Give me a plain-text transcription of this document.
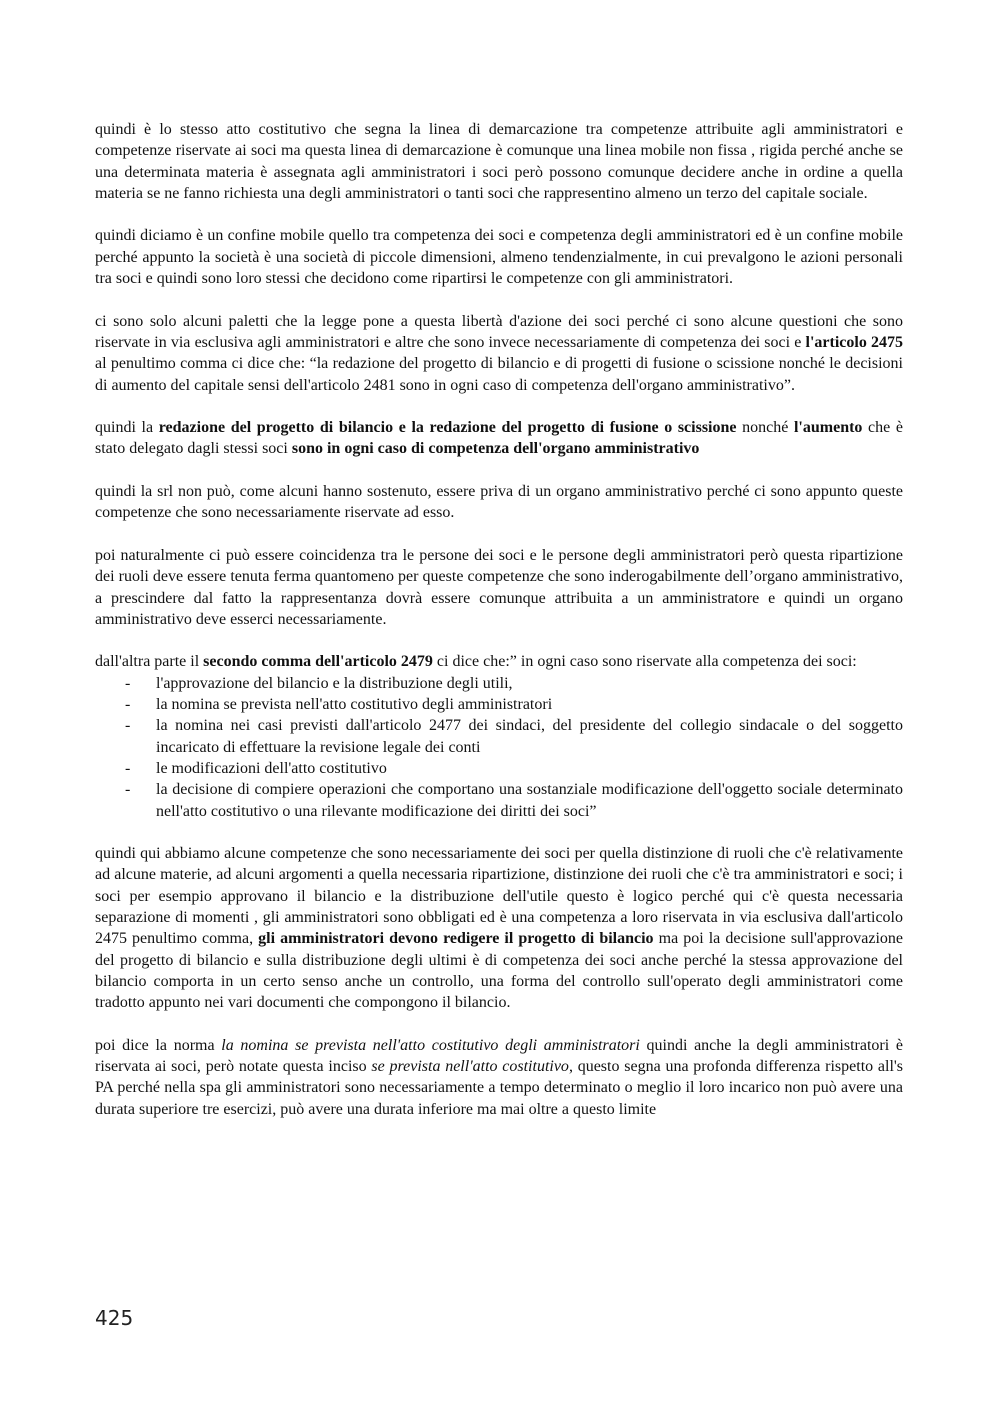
quindi è lo stesso atto costitutivo che segna la linea di demarcazione tra competenze attribuite agli amministratori e competenze riservate ai soci ma questa linea di demarcazione è comunque una linea mobile non fissa , rigida perché anche se una determinata materia è assegnata agli amministratori i soci però possono comunque decidere anche in ordine a quella materia se ne fanno richiesta una degli amministratori o tanti soci che rappresentino almeno un terzo del capitale sociale.

quindi diciamo è un confine mobile quello tra competenza dei soci e competenza degli amministratori ed è un confine mobile perché appunto la società è una società di piccole dimensioni, almeno tendenzialmente, in cui prevalgono le azioni personali tra soci e quindi sono loro stessi che decidono come ripartirsi le competenze con gli amministratori.

ci sono solo alcuni paletti che la legge pone a questa libertà d'azione dei soci perché ci sono alcune questioni che sono riservate in via esclusiva agli amministratori e altre che sono invece necessariamente di competenza dei soci e l'articolo 2475 al penultimo comma ci dice che: “la redazione del progetto di bilancio e di progetti di fusione o scissione nonché le decisioni di aumento del capitale sensi dell'articolo 2481 sono in ogni caso di competenza dell'organo amministrativo”.

quindi la redazione del progetto di bilancio e la redazione del progetto di fusione o scissione nonché l'aumento che è stato delegato dagli stessi soci sono in ogni caso di competenza dell'organo amministrativo

quindi la srl non può, come alcuni hanno sostenuto, essere priva di un organo amministrativo perché ci sono appunto queste competenze che sono necessariamente riservate ad esso.

poi naturalmente ci può essere coincidenza tra le persone dei soci e le persone degli amministratori però questa ripartizione dei ruoli deve essere tenuta ferma quantomeno per queste competenze che sono inderogabilmente dell’organo amministrativo, a prescindere dal fatto la rappresentanza dovrà essere comunque attribuita a un amministratore e quindi un organo amministrativo deve esserci necessariamente.

dall'altra parte il secondo comma dell'articolo 2479 ci dice che:” in ogni caso sono riservate alla competenza dei soci:

- l'approvazione del bilancio e la distribuzione degli utili,
- la nomina se prevista nell'atto costitutivo degli amministratori
- la nomina nei casi previsti dall'articolo 2477 dei sindaci, del presidente del collegio sindacale o del soggetto incaricato di effettuare la revisione legale dei conti
- le modificazioni dell'atto costitutivo
- la decisione di compiere operazioni che comportano una sostanziale modificazione dell'oggetto sociale determinato nell'atto costitutivo o una rilevante modificazione dei diritti dei soci”

quindi qui abbiamo alcune competenze che sono necessariamente dei soci per quella distinzione di ruoli che c'è relativamente ad alcune materie, ad alcuni argomenti a quella necessaria ripartizione, distinzione dei ruoli che c'è tra amministratori e soci; i soci per esempio approvano il bilancio e la distribuzione dell'utile questo è logico perché qui c'è questa necessaria separazione di momenti , gli amministratori sono obbligati ed è una competenza a loro riservata in via esclusiva dall'articolo 2475 penultimo comma, gli amministratori devono redigere il progetto di bilancio ma poi la decisione sull'approvazione del progetto di bilancio e sulla distribuzione degli ultimi è di competenza dei soci anche perché la stessa approvazione del bilancio comporta in un certo senso anche un controllo, una forma del controllo sull'operato degli amministratori come tradotto appunto nei vari documenti che compongono il bilancio.

poi dice la norma la nomina se prevista nell'atto costitutivo degli amministratori quindi anche la degli amministratori è riservata ai soci, però notate questa inciso se prevista nell'atto costitutivo, questo segna una profonda differenza rispetto all's PA perché nella spa gli amministratori sono necessariamente a tempo determinato o meglio il loro incarico non può avere una durata superiore tre esercizi, può avere una durata inferiore ma mai oltre a questo limite

425
